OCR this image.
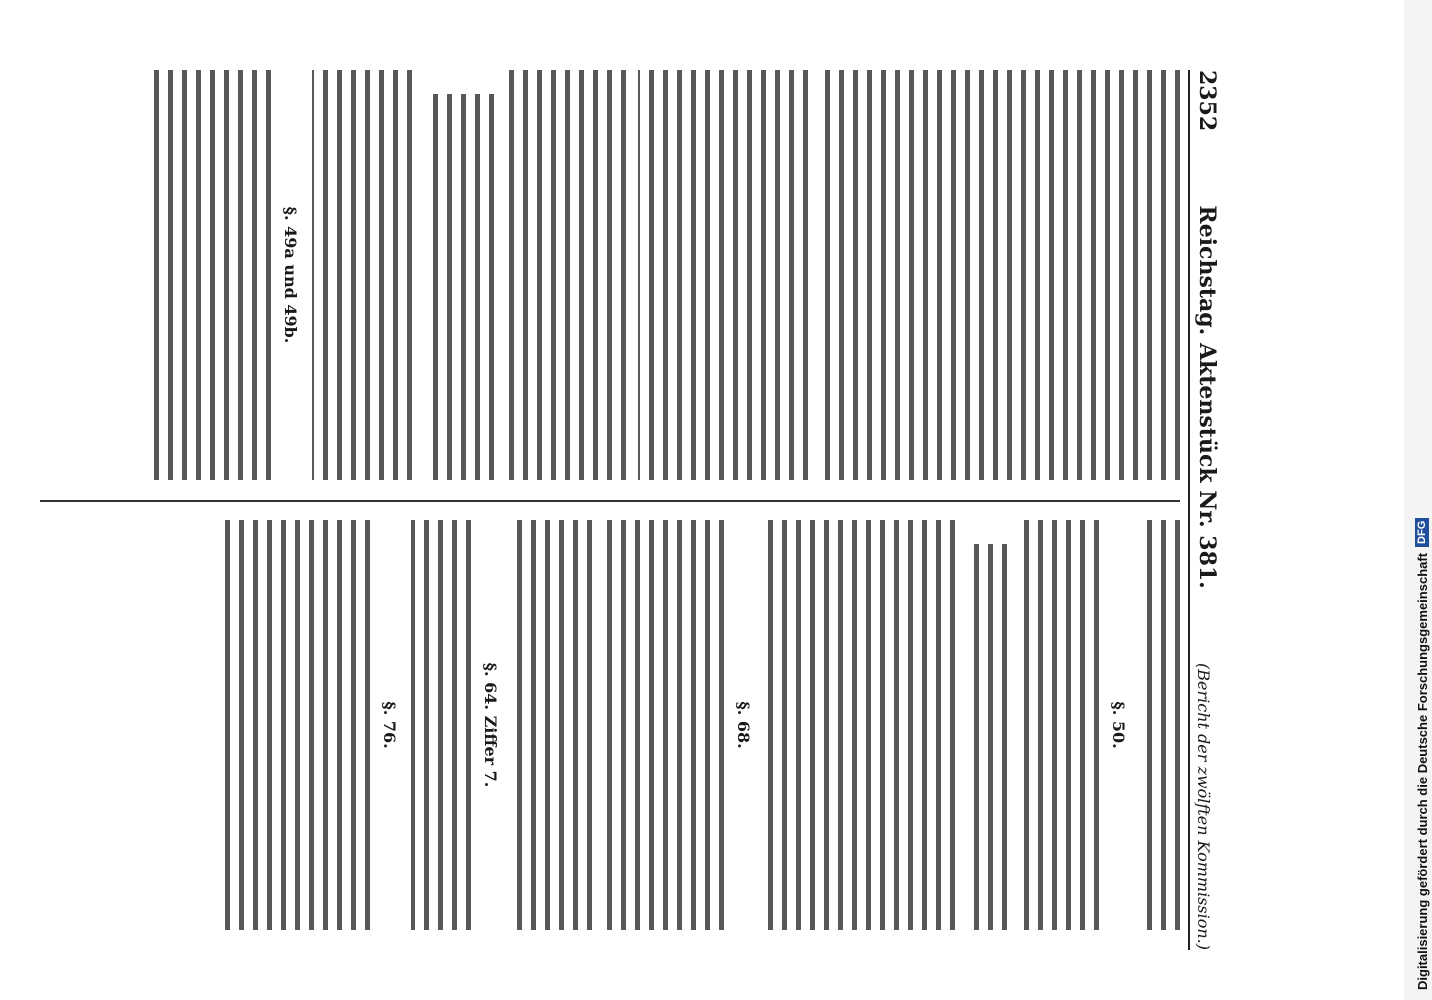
2352
Reichstag. Aktenstück Nr. 381.
(Bericht der zwölften Kommission.)
§. 49a und 49b.
§. 50.
§. 68.
§. 64. Ziffer 7.
§. 76.	Digitalisierung gefördert durch die Deutsche Forschungsgemeinschaft
DFG
